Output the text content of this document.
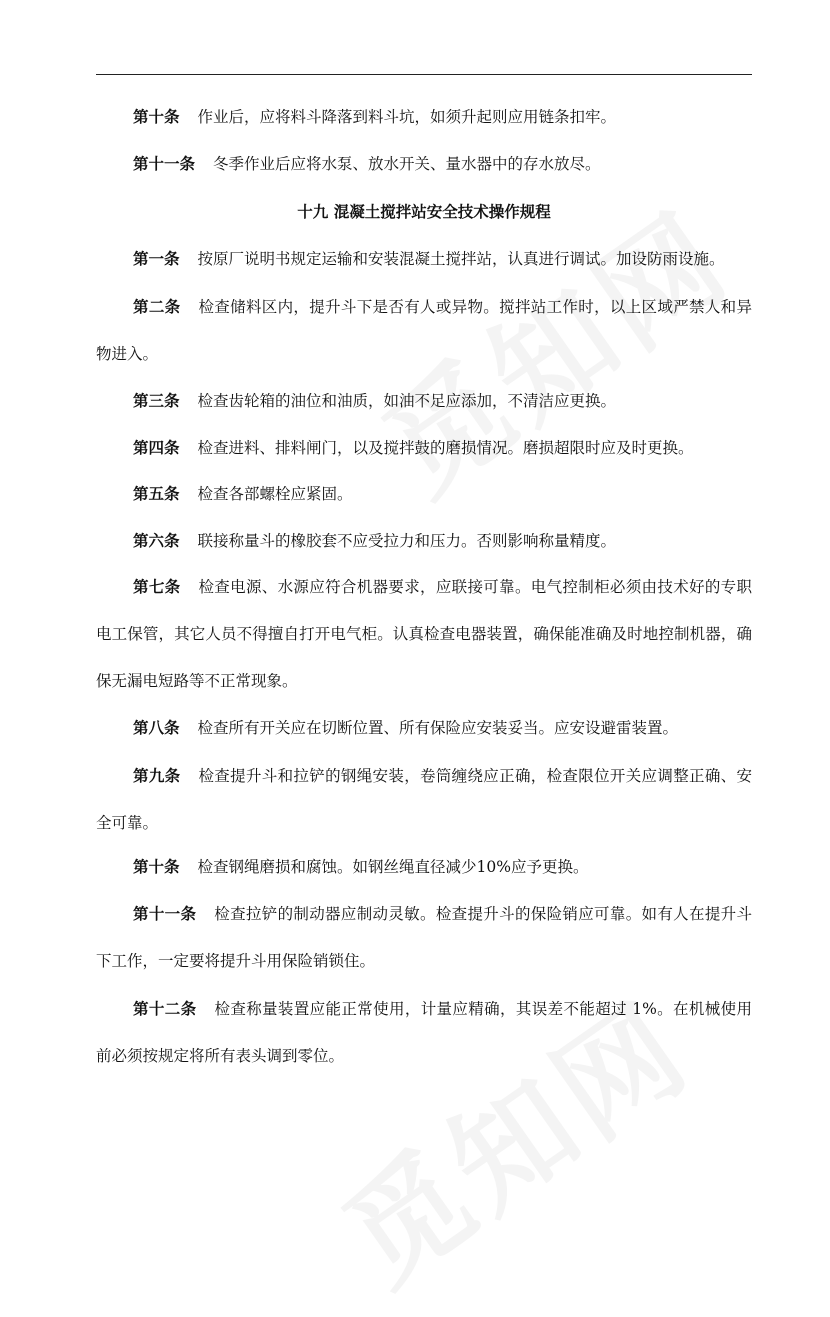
第十条 作业后，应将料斗降落到料斗坑，如须升起则应用链条扣牢。

第十一条 冬季作业后应将水泵、放水开关、量水器中的存水放尽。

十九 混凝土搅拌站安全技术操作规程

第一条 按原厂说明书规定运输和安装混凝土搅拌站，认真进行调试。加设防雨设施。

第二条 检查储料区内，提升斗下是否有人或异物。搅拌站工作时，以上区域严禁人和异物进入。

第三条 检查齿轮箱的油位和油质，如油不足应添加，不清洁应更换。

第四条 检查进料、排料闸门，以及搅拌鼓的磨损情况。磨损超限时应及时更换。

第五条 检查各部螺栓应紧固。

第六条 联接称量斗的橡胶套不应受拉力和压力。否则影响称量精度。

第七条 检查电源、水源应符合机器要求，应联接可靠。电气控制柜必须由技术好的专职电工保管，其它人员不得擅自打开电气柜。认真检查电器装置，确保能准确及时地控制机器，确保无漏电短路等不正常现象。

第八条 检查所有开关应在切断位置、所有保险应安装妥当。应安设避雷装置。

第九条 检查提升斗和拉铲的钢绳安装，卷筒缠绕应正确，检查限位开关应调整正确、安全可靠。

第十条 检查钢绳磨损和腐蚀。如钢丝绳直径减少10%应予更换。

第十一条 检查拉铲的制动器应制动灵敏。检查提升斗的保险销应可靠。如有人在提升斗下工作，一定要将提升斗用保险销锁住。

第十二条 检查称量装置应能正常使用，计量应精确，其误差不能超过 1%。在机械使用前必须按规定将所有表头调到零位。
